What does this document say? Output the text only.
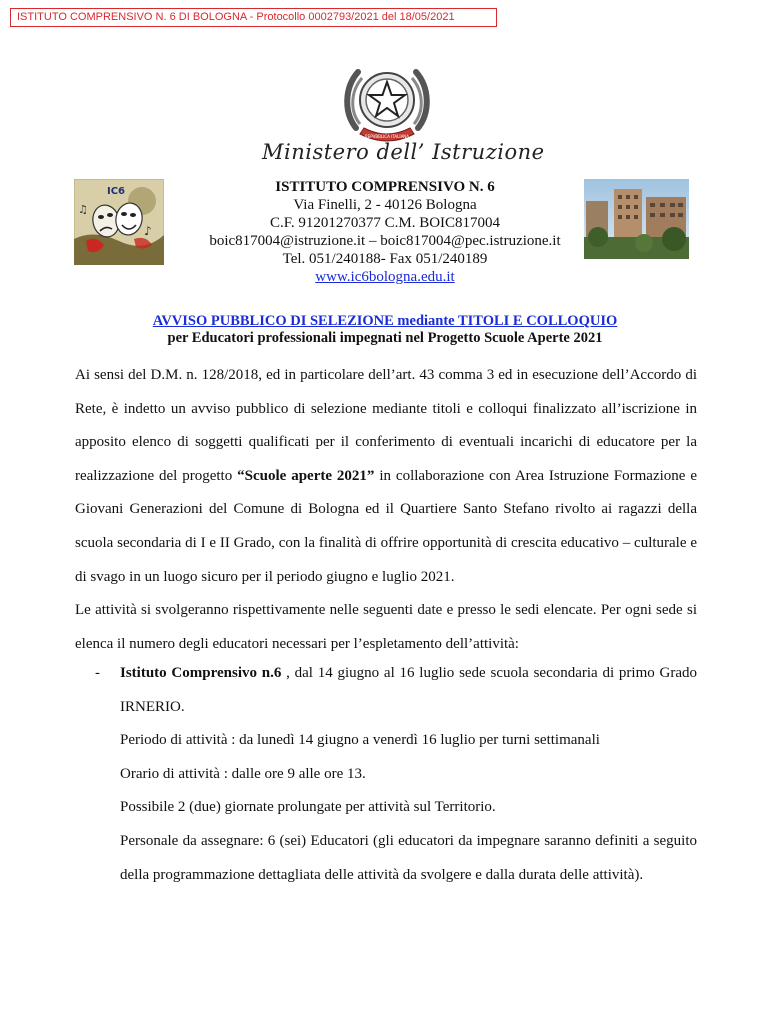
ISTITUTO COMPRENSIVO N. 6 DI BOLOGNA - Protocollo 0002793/2021 del 18/05/2021
REPVBBLICA ITALIANA
Ministero dell’ Istruzione
IC6
♪
♫
ISTITUTO COMPRENSIVO N. 6
Via Finelli, 2 - 40126 Bologna
C.F. 91201270377 C.M. BOIC817004
boic817004@istruzione.it – boic817004@pec.istruzione.it
Tel. 051/240188- Fax 051/240189
www.ic6bologna.edu.it
AVVISO PUBBLICO DI SELEZIONE mediante TITOLI E COLLOQUIO
per Educatori professionali impegnati nel Progetto Scuole Aperte 2021

Ai sensi del D.M. n. 128/2018, ed in particolare dell’art. 43 comma 3 ed in esecuzione dell’Accordo di Rete, è indetto un avviso pubblico di selezione mediante titoli e colloqui finalizzato all’iscrizione in apposito elenco di soggetti qualificati per il conferimento di eventuali incarichi di educatore per la realizzazione del progetto “Scuole aperte 2021” in collaborazione con Area Istruzione Formazione e Giovani Generazioni del Comune di Bologna ed il Quartiere Santo Stefano rivolto ai ragazzi della scuola secondaria di I e II Grado, con la finalità di offrire opportunità di crescita educativo – culturale e di svago in un luogo sicuro per il periodo giugno e luglio 2021.

Le attività si svolgeranno rispettivamente nelle seguenti date e presso le sedi elencate. Per ogni sede si elenca il numero degli educatori necessari per l’espletamento dell’attività:

- Istituto Comprensivo n.6 , dal 14 giugno al 16 luglio sede scuola secondaria di primo Grado IRNERIO.

Periodo di attività : da lunedì 14 giugno a venerdì 16 luglio per turni settimanali

Orario di attività : dalle ore 9 alle ore 13.

Possibile 2 (due) giornate prolungate per attività sul Territorio.

Personale da assegnare: 6 (sei) Educatori (gli educatori da impegnare saranno definiti a seguito della programmazione dettagliata delle attività da svolgere e dalla durata delle attività).
